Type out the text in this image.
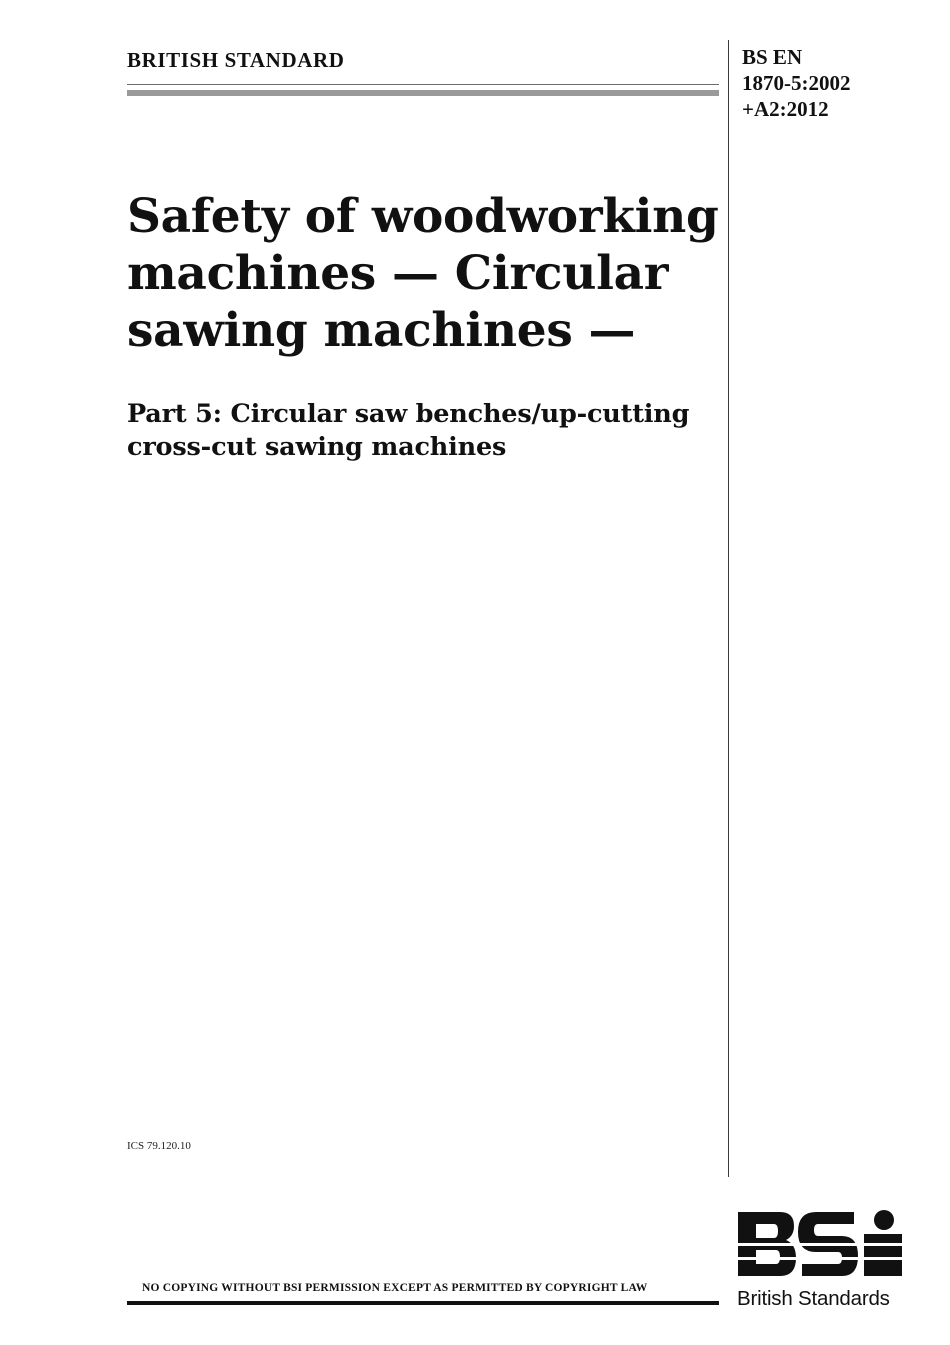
BRITISH STANDARD	BS EN
1870-5:2002
+A2:2012
Safety of woodworking
machines — Circular
sawing machines —
Part 5: Circular saw benches/up-cutting
cross-cut sawing machines
ICS 79.120.10
NO COPYING WITHOUT BSI PERMISSION EXCEPT AS PERMITTED BY COPYRIGHT LAW	British Standards
